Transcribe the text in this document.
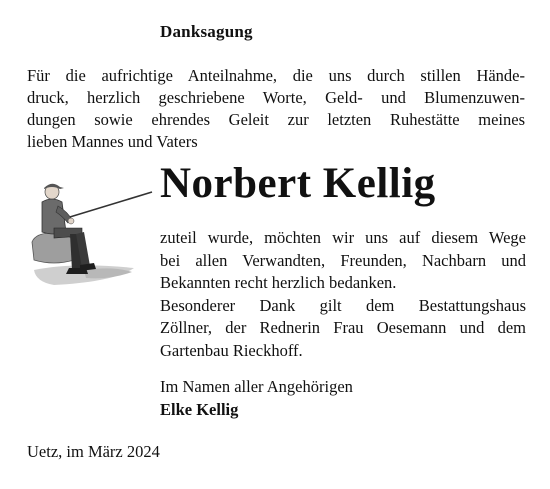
Danksagung
Für die aufrichtige Anteilnahme, die uns durch stillen Hände-
druck, herzlich geschriebene Worte, Geld- und Blumenzuwen-
dungen sowie ehrendes Geleit zur letzten Ruhestätte meines
lieben Mannes und Vaters
Norbert Kellig
zuteil wurde, möchten wir uns auf diesem Wege
bei allen Verwandten, Freunden, Nachbarn und
Bekannten recht herzlich bedanken.
Besonderer Dank gilt dem Bestattungshaus
Zöllner, der Rednerin Frau Oesemann und dem
Gartenbau Rieckhoff.
Im Namen aller Angehörigen
Elke Kellig
Uetz, im März 2024
